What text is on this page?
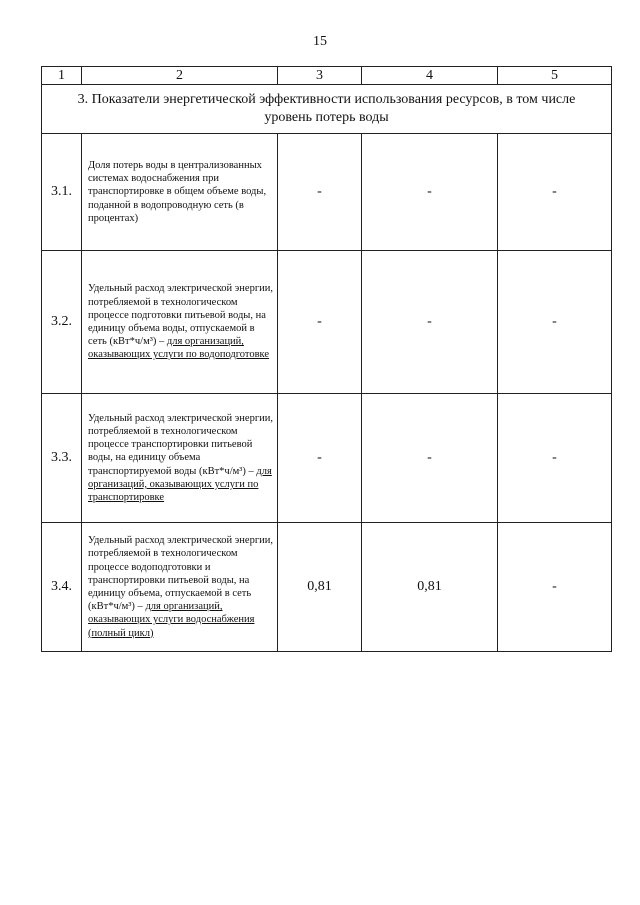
15
1	2	3	4	5
3. Показатели энергетической эффективности использования ресурсов, в том числе уровень потерь воды				
3.1.	Доля потерь воды в централизованных системах водоснабжения при транспортировке в общем объеме воды, поданной в водопроводную сеть (в процентах)	-	-	-
3.2.	Удельный расход электрической энергии, потребляемой в технологическом процессе подготовки питьевой воды, на единицу объема воды, отпускаемой в сеть (кВт*ч/м³) – для организаций, оказывающих услуги по водоподготовке	-	-	-
3.3.	Удельный расход электрической энергии, потребляемой в технологическом процессе транспортировки питьевой воды, на единицу объема транспортируемой воды (кВт*ч/м³) – для организаций, оказывающих услуги по транспортировке	-	-	-
3.4.	Удельный расход электрической энергии, потребляемой в технологическом процессе водоподготовки и транспортировки питьевой воды, на единицу объема, отпускаемой в сеть (кВт*ч/м³) – для организаций, оказывающих услуги водоснабжения (полный цикл)	0,81	0,81	-
